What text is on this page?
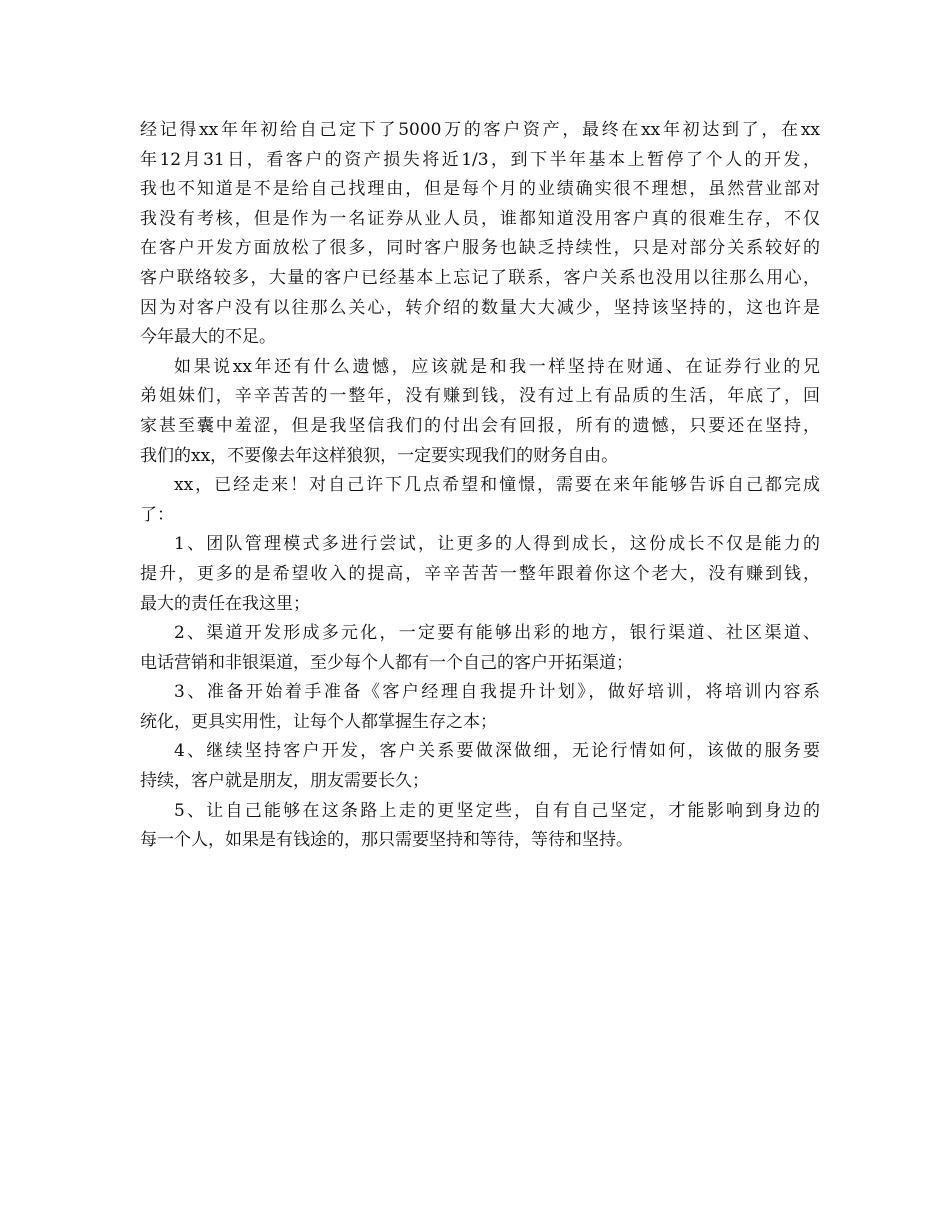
经记得xx年年初给自己定下了5000万的客户资产，最终在xx年初达到了，在xx
年12月31日，看客户的资产损失将近1/3，到下半年基本上暂停了个人的开发，
我也不知道是不是给自己找理由，但是每个月的业绩确实很不理想，虽然营业部对
我没有考核，但是作为一名证券从业人员，谁都知道没用客户真的很难生存，不仅
在客户开发方面放松了很多，同时客户服务也缺乏持续性，只是对部分关系较好的
客户联络较多，大量的客户已经基本上忘记了联系，客户关系也没用以往那么用心，
因为对客户没有以往那么关心，转介绍的数量大大减少，坚持该坚持的，这也许是
今年最大的不足。
如果说xx年还有什么遗憾，应该就是和我一样坚持在财通、在证券行业的兄
弟姐妹们，辛辛苦苦的一整年，没有赚到钱，没有过上有品质的生活，年底了，回
家甚至囊中羞涩，但是我坚信我们的付出会有回报，所有的遗憾，只要还在坚持，
我们的xx，不要像去年这样狼狈，一定要实现我们的财务自由。
xx，已经走来！对自己许下几点希望和憧憬，需要在来年能够告诉自己都完成
了：
1、团队管理模式多进行尝试，让更多的人得到成长，这份成长不仅是能力的
提升，更多的是希望收入的提高，辛辛苦苦一整年跟着你这个老大，没有赚到钱，
最大的责任在我这里；
2、渠道开发形成多元化，一定要有能够出彩的地方，银行渠道、社区渠道、
电话营销和非银渠道，至少每个人都有一个自己的客户开拓渠道；
3、准备开始着手准备《客户经理自我提升计划》，做好培训，将培训内容系
统化，更具实用性，让每个人都掌握生存之本；
4、继续坚持客户开发，客户关系要做深做细，无论行情如何，该做的服务要
持续，客户就是朋友，朋友需要长久；
5、让自己能够在这条路上走的更坚定些，自有自己坚定，才能影响到身边的
每一个人，如果是有钱途的，那只需要坚持和等待，等待和坚持。
